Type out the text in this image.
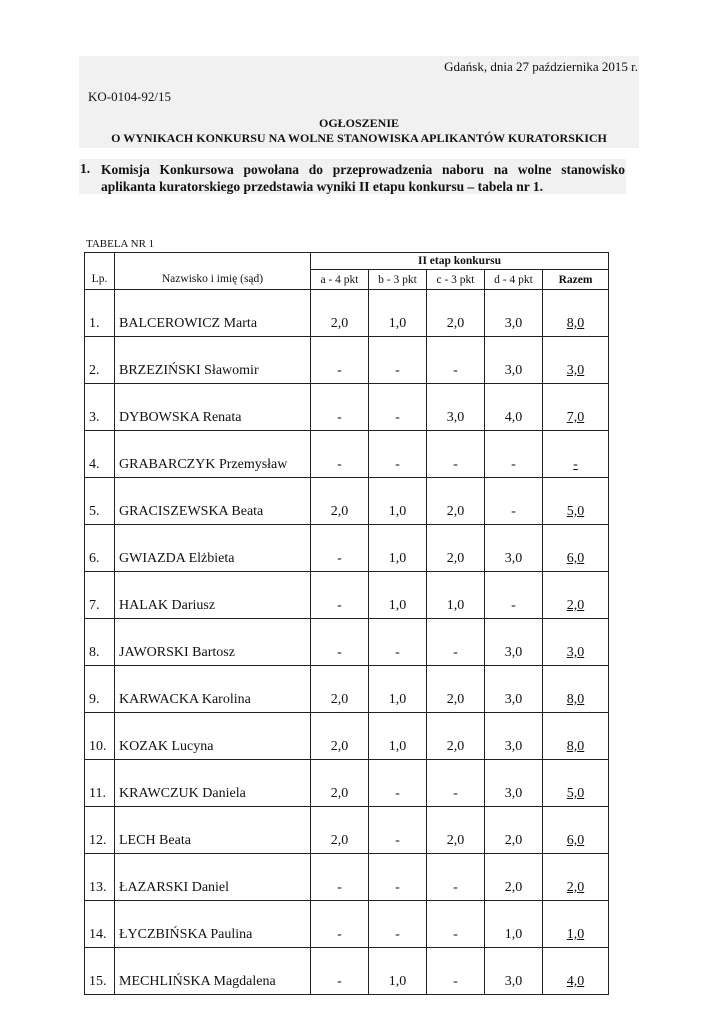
Gdańsk, dnia 27 października 2015 r.
KO-0104-92/15
OGŁOSZENIE
O WYNIKACH KONKURSU NA WOLNE STANOWISKA APLIKANTÓW KURATORSKICH
1. Komisja Konkursowa powołana do przeprowadzenia naboru na wolne stanowisko aplikanta kuratorskiego przedstawia wyniki II etapu konkursu – tabela nr 1.
TABELA NR 1
		II etap konkursu				
Lp.	Nazwisko i imię (sąd)	a - 4 pkt	b - 3 pkt	c - 3 pkt	d - 4 pkt	Razem
1.	BALCEROWICZ Marta	2,0	1,0	2,0	3,0	8,0
2.	BRZEZIŃSKI Sławomir	-	-	-	3,0	3,0
3.	DYBOWSKA Renata	-	-	3,0	4,0	7,0
4.	GRABARCZYK Przemysław	-	-	-	-	-
5.	GRACISZEWSKA Beata	2,0	1,0	2,0	-	5,0
6.	GWIAZDA Elżbieta	-	1,0	2,0	3,0	6,0
7.	HALAK Dariusz	-	1,0	1,0	-	2,0
8.	JAWORSKI Bartosz	-	-	-	3,0	3,0
9.	KARWACKA Karolina	2,0	1,0	2,0	3,0	8,0
10.	KOZAK Lucyna	2,0	1,0	2,0	3,0	8,0
11.	KRAWCZUK Daniela	2,0	-	-	3,0	5,0
12.	LECH Beata	2,0	-	2,0	2,0	6,0
13.	ŁAZARSKI Daniel	-	-	-	2,0	2,0
14.	ŁYCZBIŃSKA Paulina	-	-	-	1,0	1,0
15.	MECHLIŃSKA Magdalena	-	1,0	-	3,0	4,0
